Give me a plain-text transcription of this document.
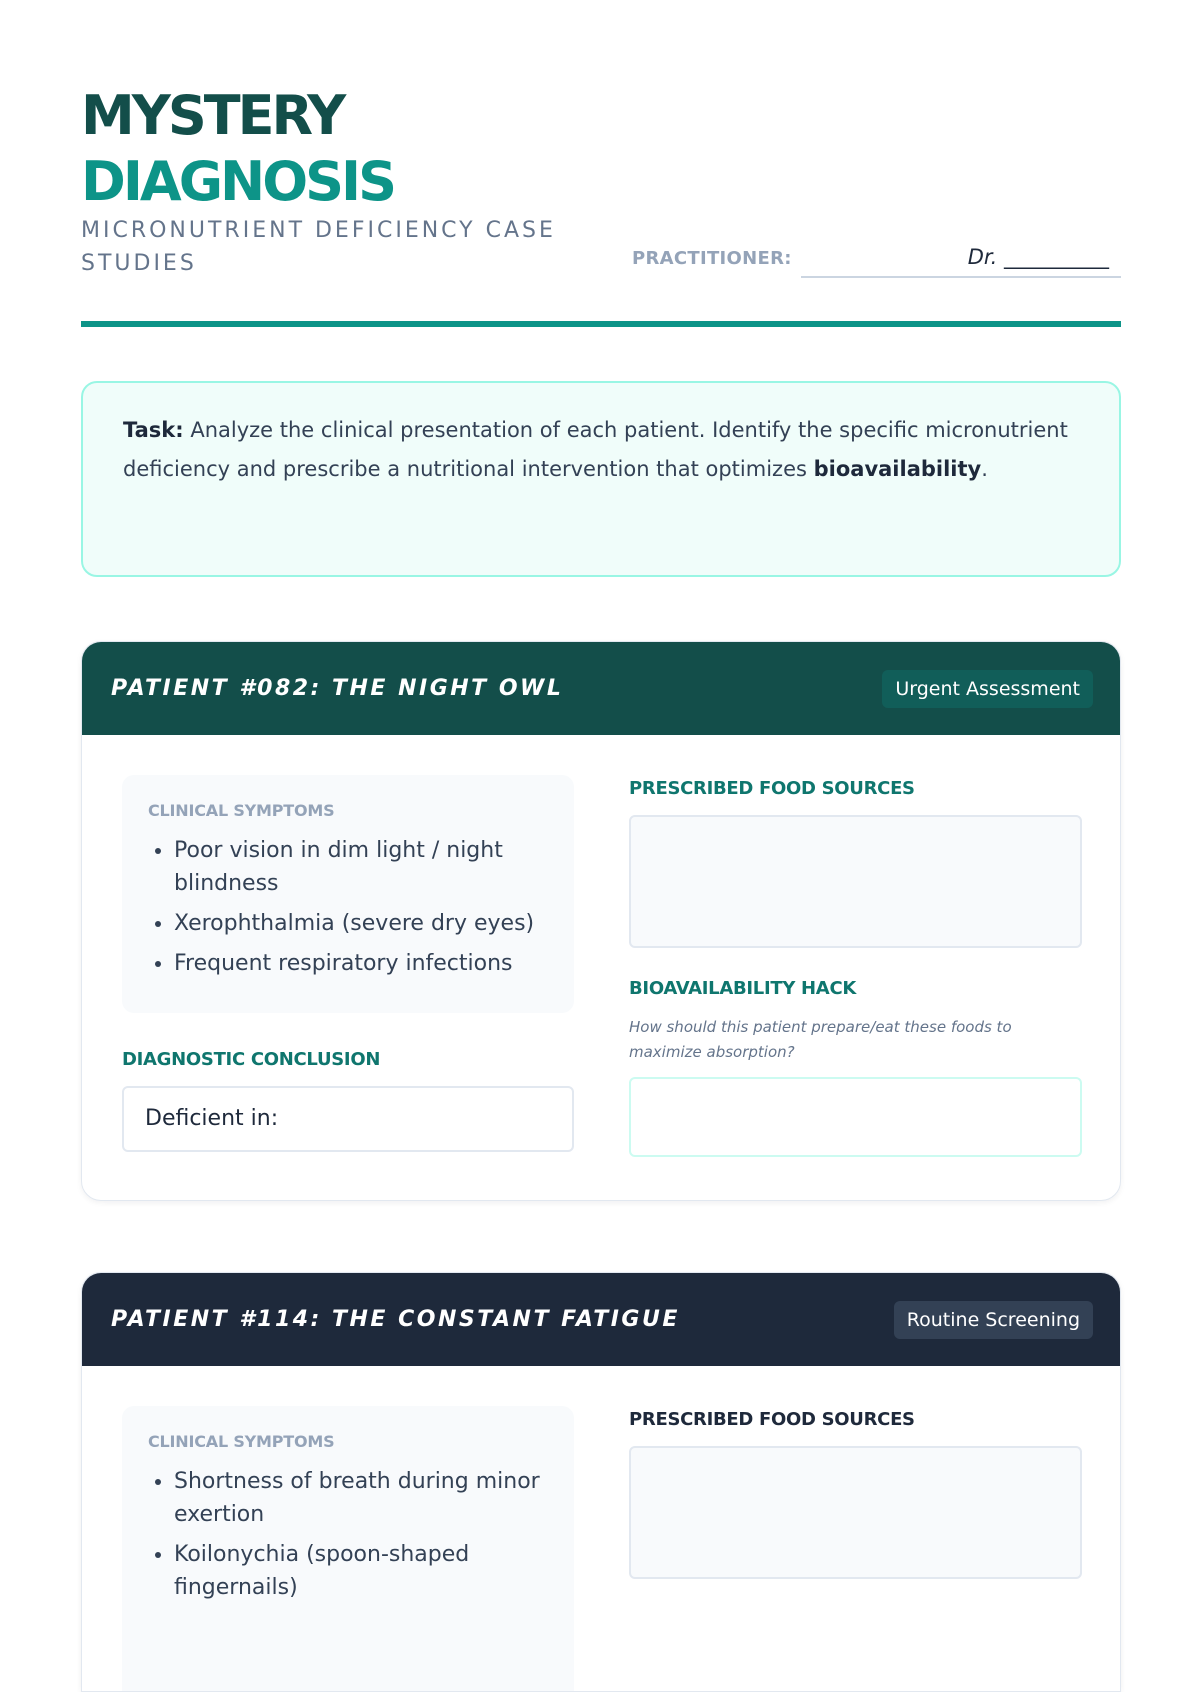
MYSTERY
DIAGNOSIS
MICRONUTRIENT DEFICIENCY CASE STUDIES	PRACTITIONER:	Dr. __________
Task: Analyze the clinical presentation of each patient. Identify the specific micronutrient deficiency and prescribe a nutritional intervention that optimizes bioavailability.
PATIENT #082: THE NIGHT OWL	Urgent Assessment
CLINICAL SYMPTOMS
• Poor vision in dim light / night blindness
• Xerophthalmia (severe dry eyes)
• Frequent respiratory infections
DIAGNOSTIC CONCLUSION
Deficient in:
PRESCRIBED FOOD SOURCES
BIOAVAILABILITY HACK
How should this patient prepare/eat these foods to maximize absorption?
PATIENT #114: THE CONSTANT FATIGUE	Routine Screening
CLINICAL SYMPTOMS
• Shortness of breath during minor exertion
• Koilonychia (spoon-shaped fingernails)
PRESCRIBED FOOD SOURCES
